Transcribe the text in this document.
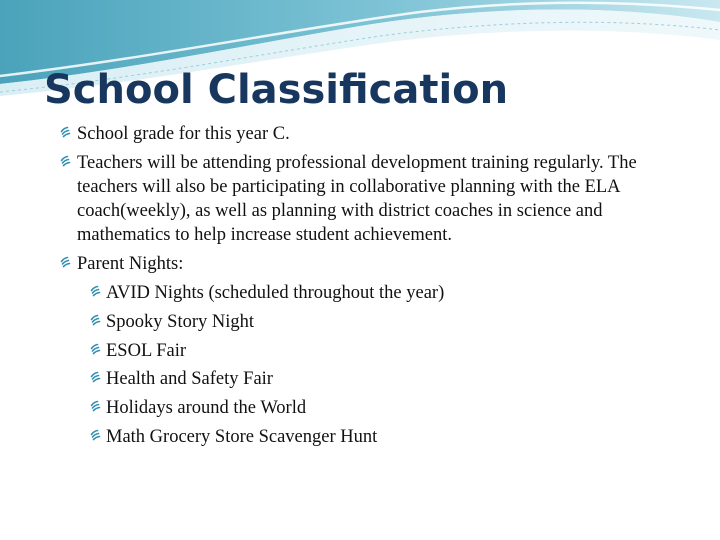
School Classification
School grade for this year C.
Teachers will be attending professional development training regularly. The teachers will also be participating in collaborative planning with the ELA coach(weekly), as well as planning with district coaches in science and mathematics to help increase student achievement.
Parent Nights:
AVID Nights (scheduled throughout the year)
Spooky Story Night
ESOL Fair
Health and Safety Fair
Holidays around the World
Math Grocery Store Scavenger Hunt
